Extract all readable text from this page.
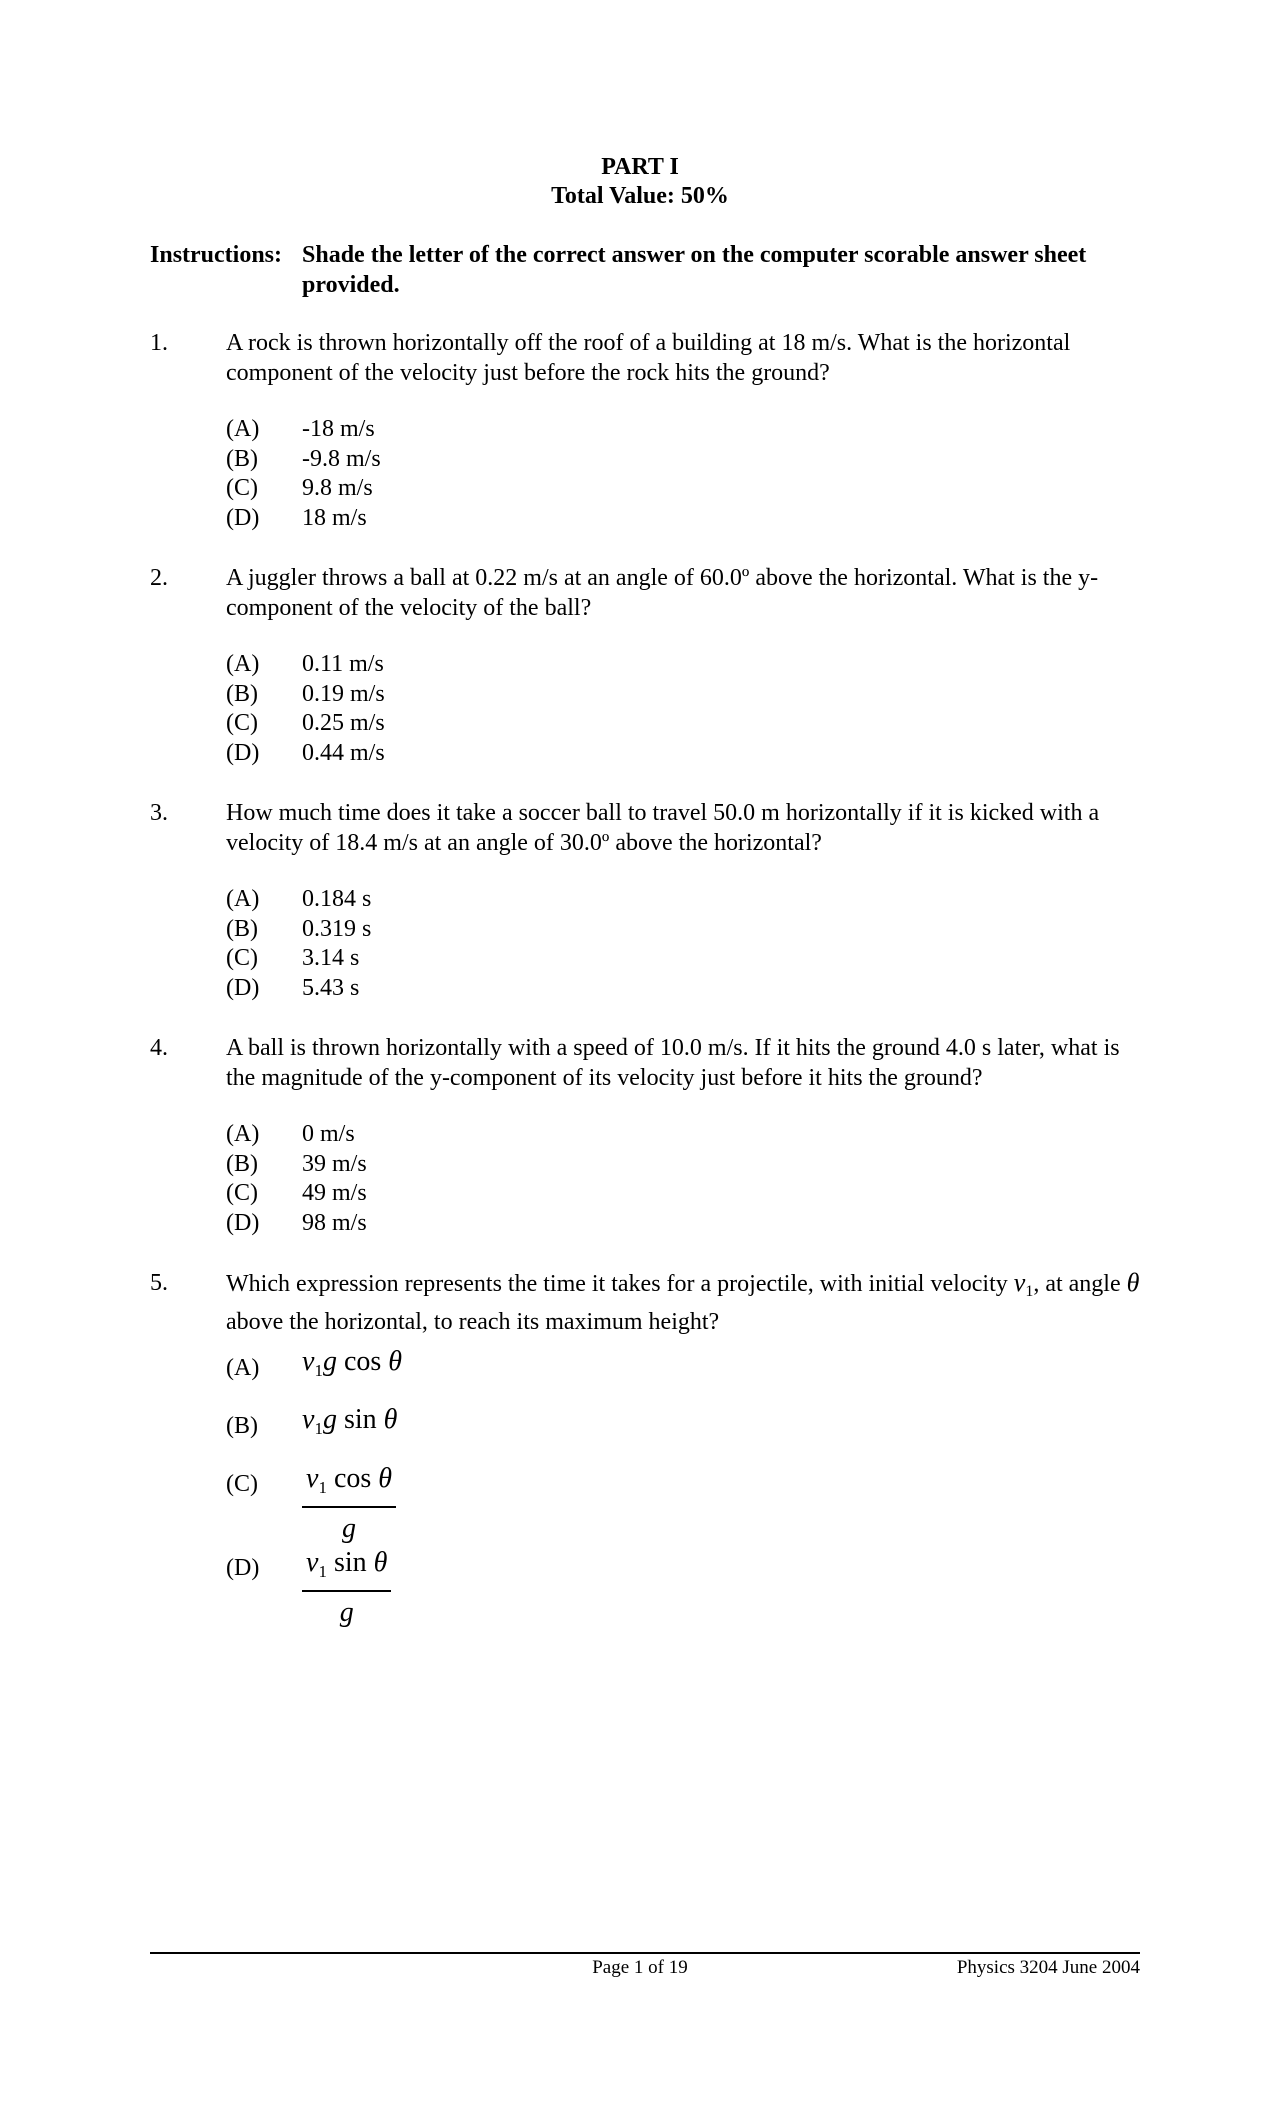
PART I
Total Value: 50%
Instructions: Shade the letter of the correct answer on the computer scorable answer sheet provided.
1. A rock is thrown horizontally off the roof of a building at 18 m/s. What is the horizontal component of the velocity just before the rock hits the ground?
(A) -18 m/s
(B) -9.8 m/s
(C) 9.8 m/s
(D) 18 m/s
2. A juggler throws a ball at 0.22 m/s at an angle of 60.0º above the horizontal. What is the y-component of the velocity of the ball?
(A) 0.11 m/s
(B) 0.19 m/s
(C) 0.25 m/s
(D) 0.44 m/s
3. How much time does it take a soccer ball to travel 50.0 m horizontally if it is kicked with a velocity of 18.4 m/s at an angle of 30.0º above the horizontal?
(A) 0.184 s
(B) 0.319 s
(C) 3.14 s
(D) 5.43 s
4. A ball is thrown horizontally with a speed of 10.0 m/s. If it hits the ground 4.0 s later, what is the magnitude of the y-component of its velocity just before it hits the ground?
(A) 0 m/s
(B) 39 m/s
(C) 49 m/s
(D) 98 m/s
5. Which expression represents the time it takes for a projectile, with initial velocity $v_1$, at angle θ above the horizontal, to reach its maximum height?
(A) $v_1g$ cos θ
(B) $v_1g$ sin θ
$(C) \frac{v_1 \cos \theta}{g}$
$(D) \frac{v_1 \sin \theta}{g}$
Page 1 of 19	Physics 3204 June 2004
